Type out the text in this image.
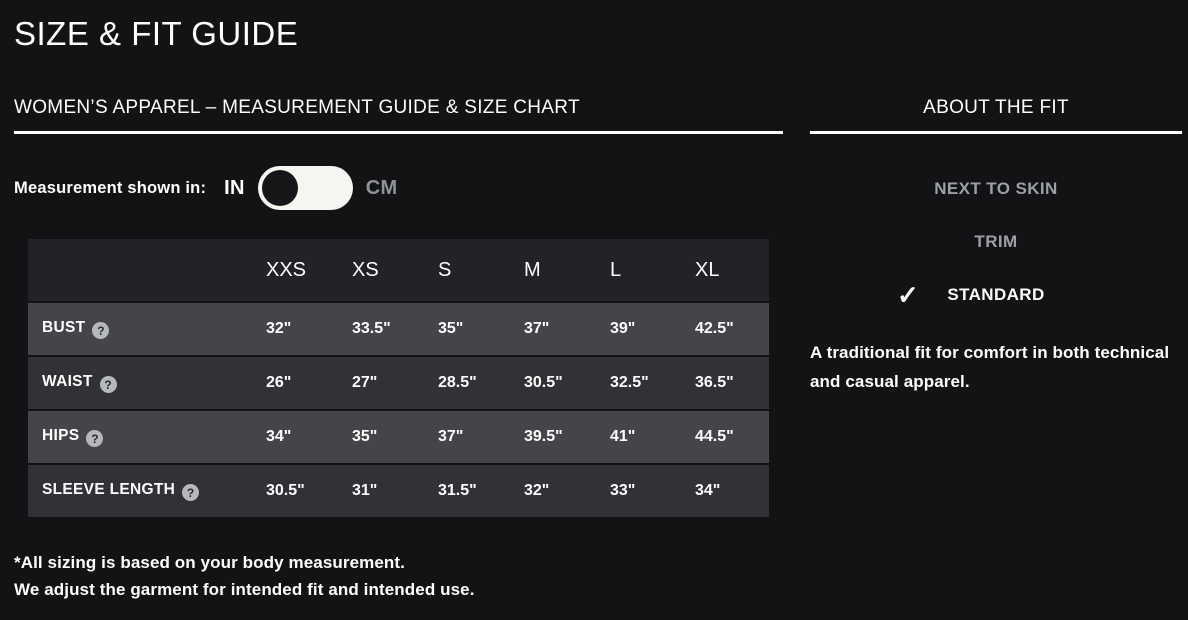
SIZE & FIT GUIDE
WOMEN’S APPAREL – MEASUREMENT GUIDE & SIZE CHART
Measurement shown in: IN	CM
	XXS	XS	S	M	L	XL
BUST ?	32"	33.5"	35"	37"	39"	42.5"
WAIST ?	26"	27"	28.5"	30.5"	32.5"	36.5"
HIPS ?	34"	35"	37"	39.5"	41"	44.5"
SLEEVE LENGTH ?	30.5"	31"	31.5"	32"	33"	34"
*All sizing is based on your body measurement.
We adjust the garment for intended fit and intended use.
ABOUT THE FIT
NEXT TO SKIN
TRIM
✓ STANDARD
A traditional fit for comfort in both technical and casual apparel.
